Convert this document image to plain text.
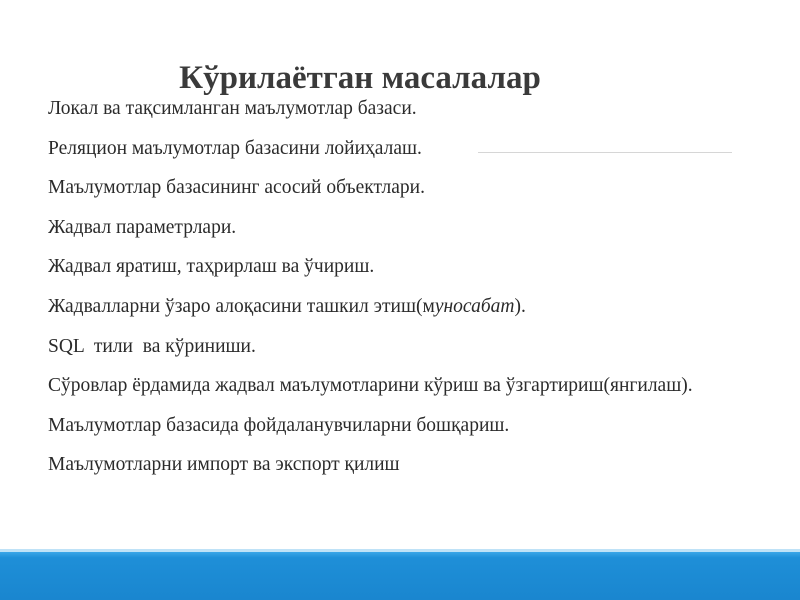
Кўрилаётган масалалар
Локал ва тақсимланган маълумотлар базаси.
Реляцион маълумотлар базасини лойиҳалаш.
Маълумотлар базасининг асосий объектлари.
Жадвал параметрлари.
Жадвал яратиш, таҳрирлаш ва ўчириш.
Жадвалларни ўзаро алоқасини ташкил этиш(муносабат).
SQL  тили  ва кўриниши.
Сўровлар ёрдамида жадвал маълумотларини кўриш ва ўзгартириш(янгилаш).
Маълумотлар базасида фойдаланувчиларни бошқариш.
Маълумотларни импорт ва экспорт қилиш
